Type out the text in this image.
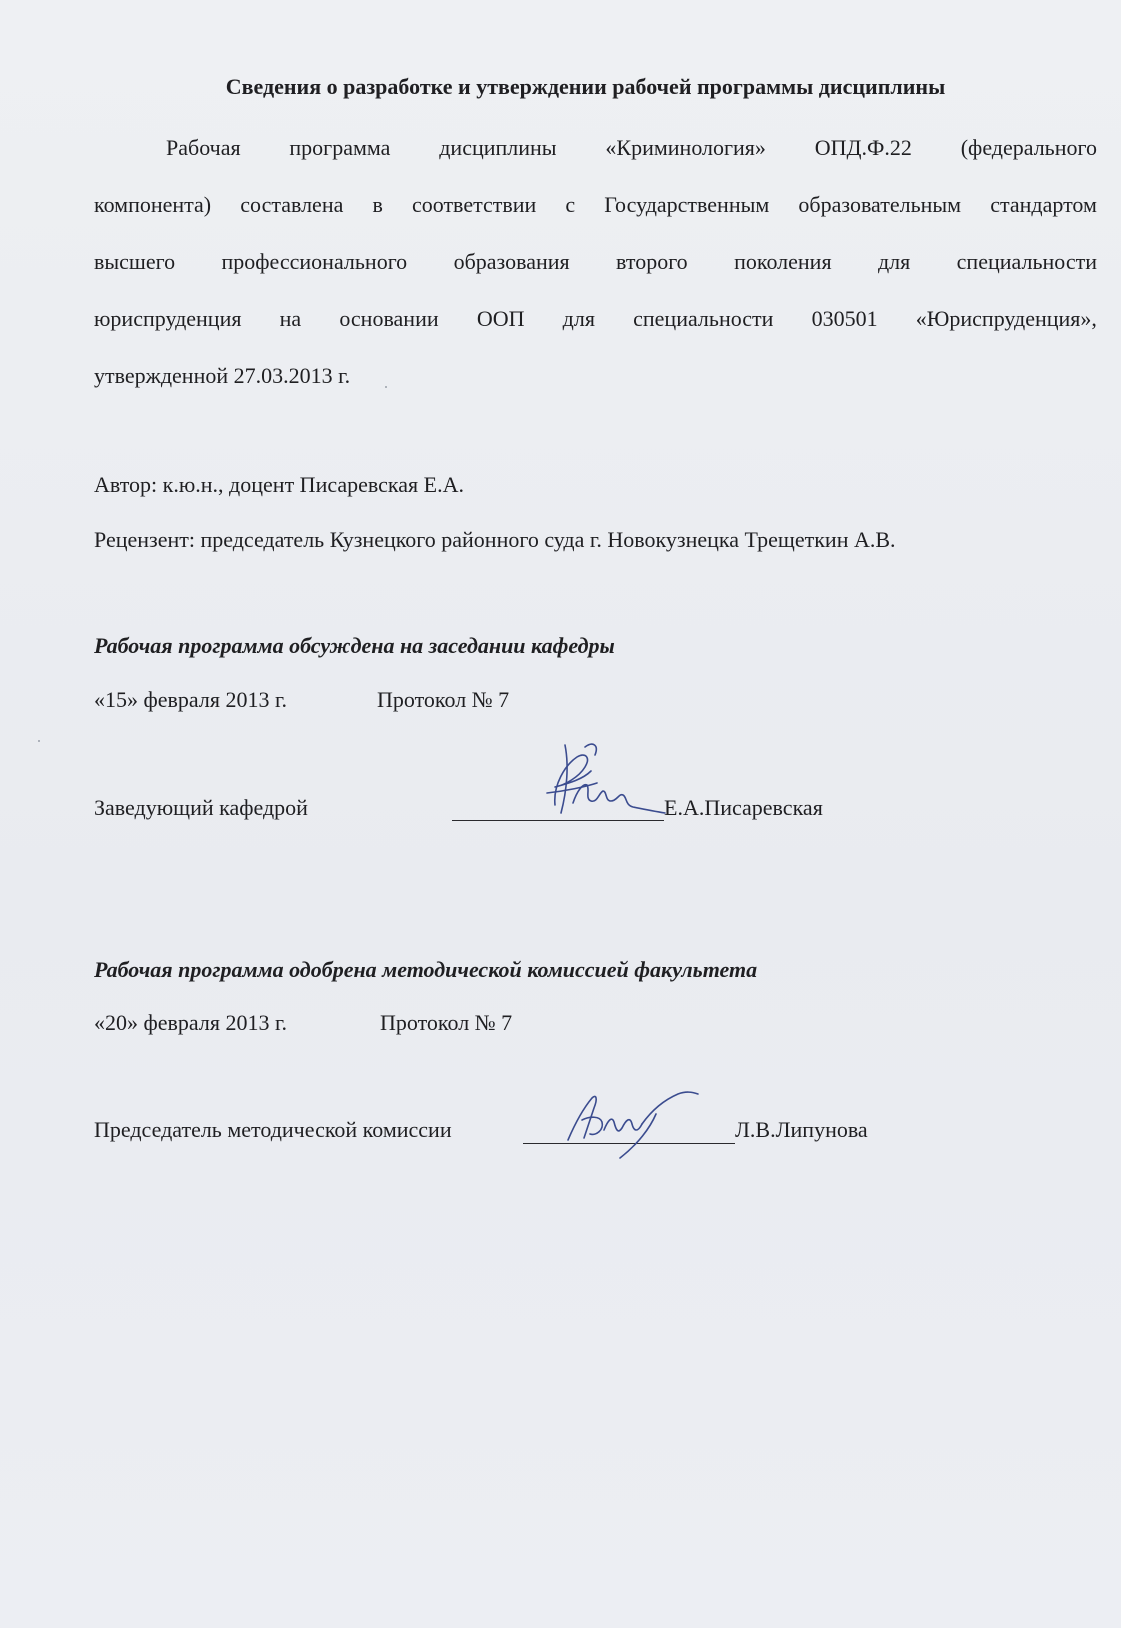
Сведения о разработке и утверждении рабочей программы дисциплины
Рабочая программа дисциплины «Криминология» ОПД.Ф.22 (федерального
компонента) составлена в соответствии с Государственным образовательным стандартом
высшего профессионального образования второго поколения для специальности
юриспруденция на основании ООП для специальности 030501 «Юриспруденция»,
утвержденной 27.03.2013 г.
Автор: к.ю.н., доцент Писаревская Е.А.
Рецензент: председатель Кузнецкого районного суда г. Новокузнецка Трещеткин А.В.
Рабочая программа обсуждена на заседании кафедры
«15» февраля 2013 г.	Протокол № 7
Заведующий кафедрой	Е.А.Писаревская
Рабочая программа одобрена методической комиссией факультета
«20» февраля 2013 г.	Протокол № 7
Председатель методической комиссии	Л.В.Липунова
